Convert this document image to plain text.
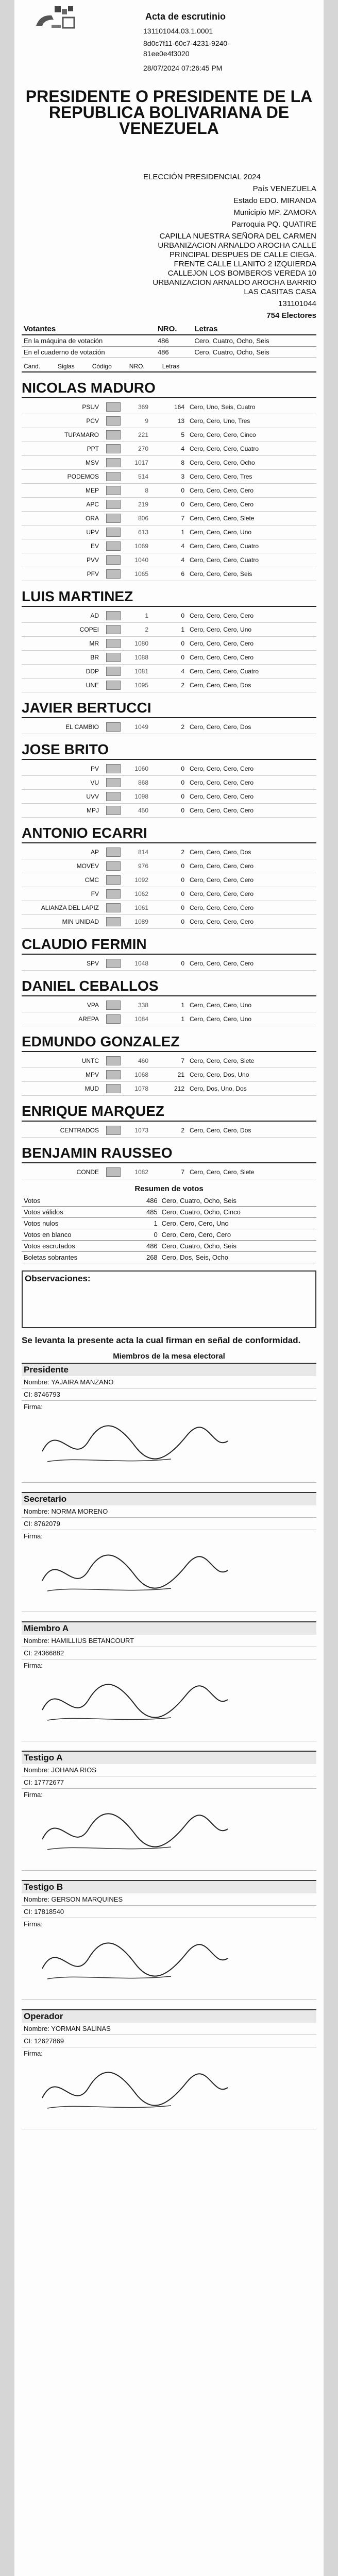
Acta de escrutinio
131101044.03.1.0001
8d0c7f11-60c7-4231-9240-
81ee0e4f3020
28/07/2024 07:26:45 PM
PRESIDENTE O PRESIDENTE DE LA REPUBLICA BOLIVARIANA DE VENEZUELA
ELECCIÓN PRESIDENCIAL 2024
País VENEZUELA
Estado EDO. MIRANDA
Municipio MP. ZAMORA
Parroquia PQ. QUATIRE
CAPILLA NUESTRA SEÑORA DEL CARMEN URBANIZACION ARNALDO AROCHA CALLE PRINCIPAL DESPUES DE CALLE CIEGA. FRENTE CALLE LLANITO 2 IZQUIERDA CALLEJON LOS BOMBEROS VEREDA 10 URBANIZACION ARNALDO AROCHA BARRIO LAS CASITAS CASA
131101044
754 Electores
Votantes	NRO.	Letras
En la máquina de votación	486	Cero, Cuatro, Ocho, Seis
En el cuaderno de votación	486	Cero, Cuatro, Ocho, Seis
Cand.	Siglas	Código	NRO.	Letras
NICOLAS MADURO
PSUV	369	164 Cero, Uno, Seis, Cuatro
PCV	9	13 Cero, Cero, Uno, Tres
TUPAMARO	221	5 Cero, Cero, Cero, Cinco
PPT	270	4 Cero, Cero, Cero, Cuatro
MSV	1017	8 Cero, Cero, Cero, Ocho
PODEMOS	514	3 Cero, Cero, Cero, Tres
MEP	8	0 Cero, Cero, Cero, Cero
APC	219	0 Cero, Cero, Cero, Cero
ORA	806	7 Cero, Cero, Cero, Siete
UPV	613	1 Cero, Cero, Cero, Uno
EV	1069	4 Cero, Cero, Cero, Cuatro
PVV	1040	4 Cero, Cero, Cero, Cuatro
PFV	1065	6 Cero, Cero, Cero, Seis
LUIS MARTINEZ
AD	1	0 Cero, Cero, Cero, Cero
COPEI	2	1 Cero, Cero, Cero, Uno
MR	1080	0 Cero, Cero, Cero, Cero
BR	1088	0 Cero, Cero, Cero, Cero
DDP	1081	4 Cero, Cero, Cero, Cuatro
UNE	1095	2 Cero, Cero, Cero, Dos
JAVIER BERTUCCI
EL CAMBIO	1049	2 Cero, Cero, Cero, Dos
JOSE BRITO
PV	1060	0 Cero, Cero, Cero, Cero
VU	868	0 Cero, Cero, Cero, Cero
UVV	1098	0 Cero, Cero, Cero, Cero
MPJ	450	0 Cero, Cero, Cero, Cero
ANTONIO ECARRI
AP	814	2 Cero, Cero, Cero, Dos
MOVEV	976	0 Cero, Cero, Cero, Cero
CMC	1092	0 Cero, Cero, Cero, Cero
FV	1062	0 Cero, Cero, Cero, Cero
ALIANZA DEL LAPIZ	1061	0 Cero, Cero, Cero, Cero
MIN UNIDAD	1089	0 Cero, Cero, Cero, Cero
CLAUDIO FERMIN
SPV	1048	0 Cero, Cero, Cero, Cero
DANIEL CEBALLOS
VPA	338	1 Cero, Cero, Cero, Uno
AREPA	1084	1 Cero, Cero, Cero, Uno
EDMUNDO GONZALEZ
UNTC	460	7 Cero, Cero, Cero, Siete
MPV	1068	21 Cero, Cero, Dos, Uno
MUD	1078	212 Cero, Dos, Uno, Dos
ENRIQUE MARQUEZ
CENTRADOS	1073	2 Cero, Cero, Cero, Dos
BENJAMIN RAUSSEO
CONDE	1082	7 Cero, Cero, Cero, Siete
Resumen de votos
Votos	486	Cero, Cuatro, Ocho, Seis
Votos válidos	485	Cero, Cuatro, Ocho, Cinco
Votos nulos	1	Cero, Cero, Cero, Uno
Votos en blanco	0	Cero, Cero, Cero, Cero
Votos escrutados	486	Cero, Cuatro, Ocho, Seis
Boletas sobrantes	268	Cero, Dos, Seis, Ocho
Observaciones:
Se levanta la presente acta la cual firman en señal de conformidad.
Miembros de la mesa electoral
Presidente
Nombre: YAJAIRA MANZANO
CI: 8746793
Firma:
Secretario
Nombre: NORMA MORENO
CI: 8762079
Firma:
Miembro A
Nombre: HAMILLIUS BETANCOURT
CI: 24366882
Firma:
Testigo A
Nombre: JOHANA RIOS
CI: 17772677
Firma:
Testigo B
Nombre: GERSON MARQUINES
CI: 17818540
Firma:
Operador
Nombre: YORMAN SALINAS
CI: 12627869
Firma:
